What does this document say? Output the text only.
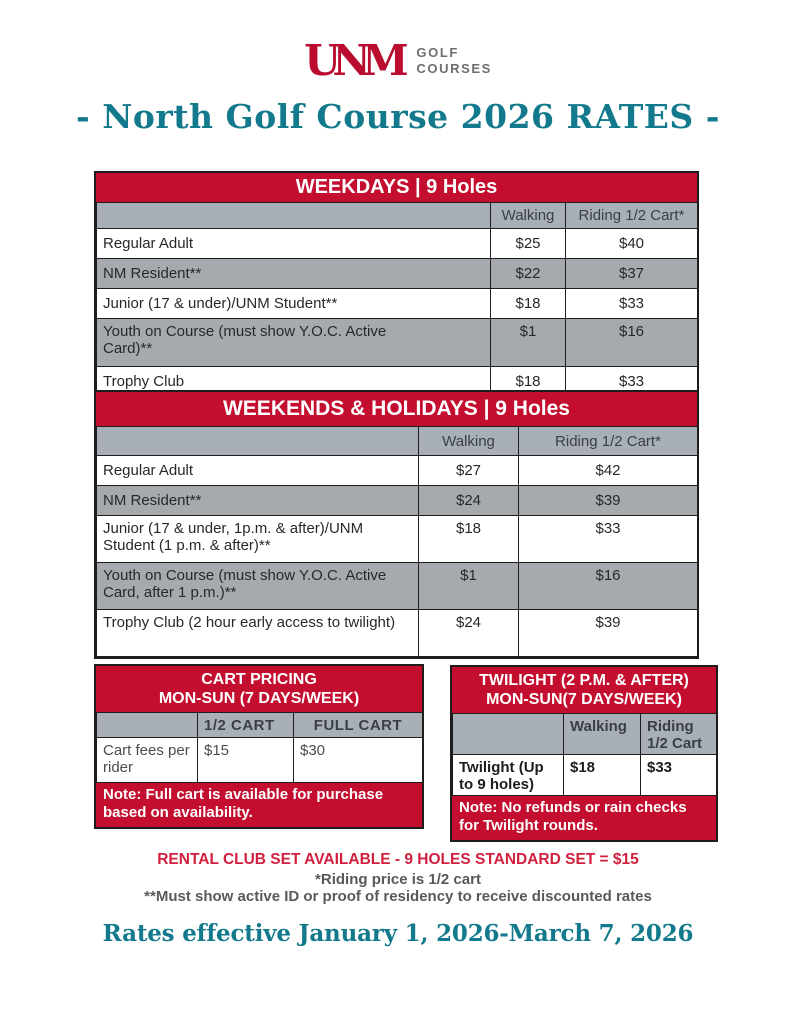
UNM	GOLF
COURSES
- North Golf Course 2026 RATES -
WEEKDAYS | 9 Holes
	Walking	Riding 1/2 Cart*
Regular Adult	$25	$40
NM Resident**	$22	$37
Junior (17 & under)/UNM Student**	$18	$33
Youth on Course (must show Y.O.C. Active Card)**	$1	$16
Trophy Club	$18	$33
WEEKENDS & HOLIDAYS | 9 Holes
	Walking	Riding 1/2 Cart*
Regular Adult	$27	$42
NM Resident**	$24	$39
Junior (17 & under, 1p.m. & after)/UNM Student (1 p.m. & after)**	$18	$33
Youth on Course (must show Y.O.C. Active Card, after 1 p.m.)**	$1	$16
Trophy Club (2 hour early access to twilight)	$24	$39
CART PRICING
MON-SUN (7 DAYS/WEEK)
	1/2 CART	FULL CART
Cart fees per rider	$15	$30
Note: Full cart is available for purchase based on availability.
TWILIGHT (2 P.M. & AFTER)
MON-SUN(7 DAYS/WEEK)
	Walking	Riding 1/2 Cart
Twilight (Up to 9 holes)	$18	$33
Note: No refunds or rain checks for Twilight rounds.
RENTAL CLUB SET AVAILABLE - 9 HOLES STANDARD SET = $15
*Riding price is 1/2 cart
**Must show active ID or proof of residency to receive discounted rates
Rates effective January 1, 2026-March 7, 2026
